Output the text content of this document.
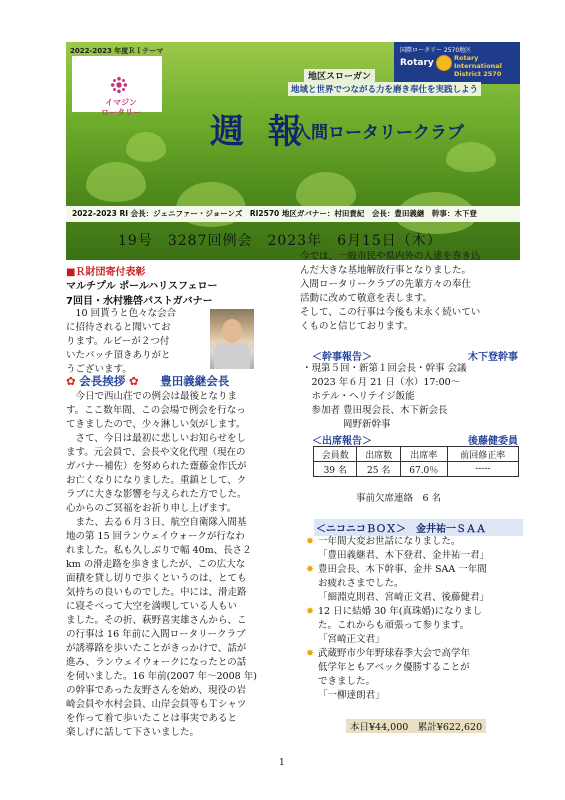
2022-2023 年度ＲＩテーマ
イマジン
ロータリー
国際ロータリー 2570地区
Rotary	Rotary
International
District 2570
地区スローガン
地域と世界でつながる力を磨き奉仕を実践しよう
週 報
入間ロータリークラブ
2022-2023 RI 会長：ジェニファー・ジョーンズ　RI2570 地区ガバナー：村田貴紀　会長：豊田義継　幹事：木下登
19号　3287回例会　2023年　6月15日（木）
■Ｒ財団寄付表彰
マルチプル ポールハリスフェロー
7回目・水村雅啓パストガバナー
　10 回貰うと色々な会合
に招待されると聞いてお
ります。ルビーが２つ付
いたバッチ頂きありがと
うございます。
✿ 会長挨拶 ✿ 豊田義継会長
　今日で西山荘での例会は最後となりま
す。ここ数年間、この会場で例会を行なっ
てきましたので、少々淋しい気がします。
　さて、今日は最初に悲しいお知らせをし
ます。元会員で、会長や文化代理（現在の
ガバナー補佐）を努められた齋藤金作氏が
お亡くなりになりました。重鎮として、ク
ラブに大きな影響を与えられた方でした。
心からのご冥福をお祈り申し上げます。
　また、去る６月３日、航空自衛隊入間基
地の第 15 回ランウェイウォークが行なわ
れました。私も久しぶりで幅 40m、長さ２
km の滑走路を歩きましたが、この広大な
面積を貸し切りで歩くというのは、とても
気持ちの良いものでした。中には、滑走路
に寝そべって大空を満喫している人もい
ました。その折、萩野喜実雄さんから、こ
の行事は 16 年前に入間ロータリークラブ
が誘導路を歩いたことがきっかけで、話が
進み、ランウェイウォークになったとの話
を伺いました。16 年前(2007 年～2008 年)
の幹事であった友野さんを始め、現役の岩
崎会員や水村会員、山岸会員等もＴシャツ
を作って着て歩いたことは事実であると
楽しげに話して下さいました。
今では、一般市民や県内外の人達を巻き込
んだ大きな基地解放行事となりました。
入間ロータリークラブの先輩方々の奉仕
活動に改めて敬意を表します。
そして、この行事は今後も末永く続いてい
くものと信じております。
＜幹事報告＞	木下登幹事
・現第５回・新第１回会長・幹事 会議
　2023 年６月 21 日（水）17:00～
　ホテル・ヘリテイジ飯能
　参加者 豊田現会長、木下新会長
　　　　 岡野新幹事
＜出席報告＞	後藤健委員
会員数	出席数	出席率	前回修正率
39 名	25 名	67.0％	-----
事前欠席連絡　6 名
＜ニコニコＢＯＸ＞　金井祐一ＳＡＡ
✸ 一年間大変お世話になりました。
「豊田義継君、木下登君、金井祐一君」
✸ 豊田会長、木下幹事、金井 SAA 一年間
お疲れさまでした。
「細淵克則君、宮崎正文君、後藤健君」
✸ 12 日に結婚 30 年(真珠婚)になりまし
た。これからも頑張って参ります。
「宮崎正文君」
✸ 武蔵野市少年野球春季大会で高学年
低学年ともアベック優勝することが
できました。
「一柳達朗君」
本日¥44,000　累計¥622,620
1
